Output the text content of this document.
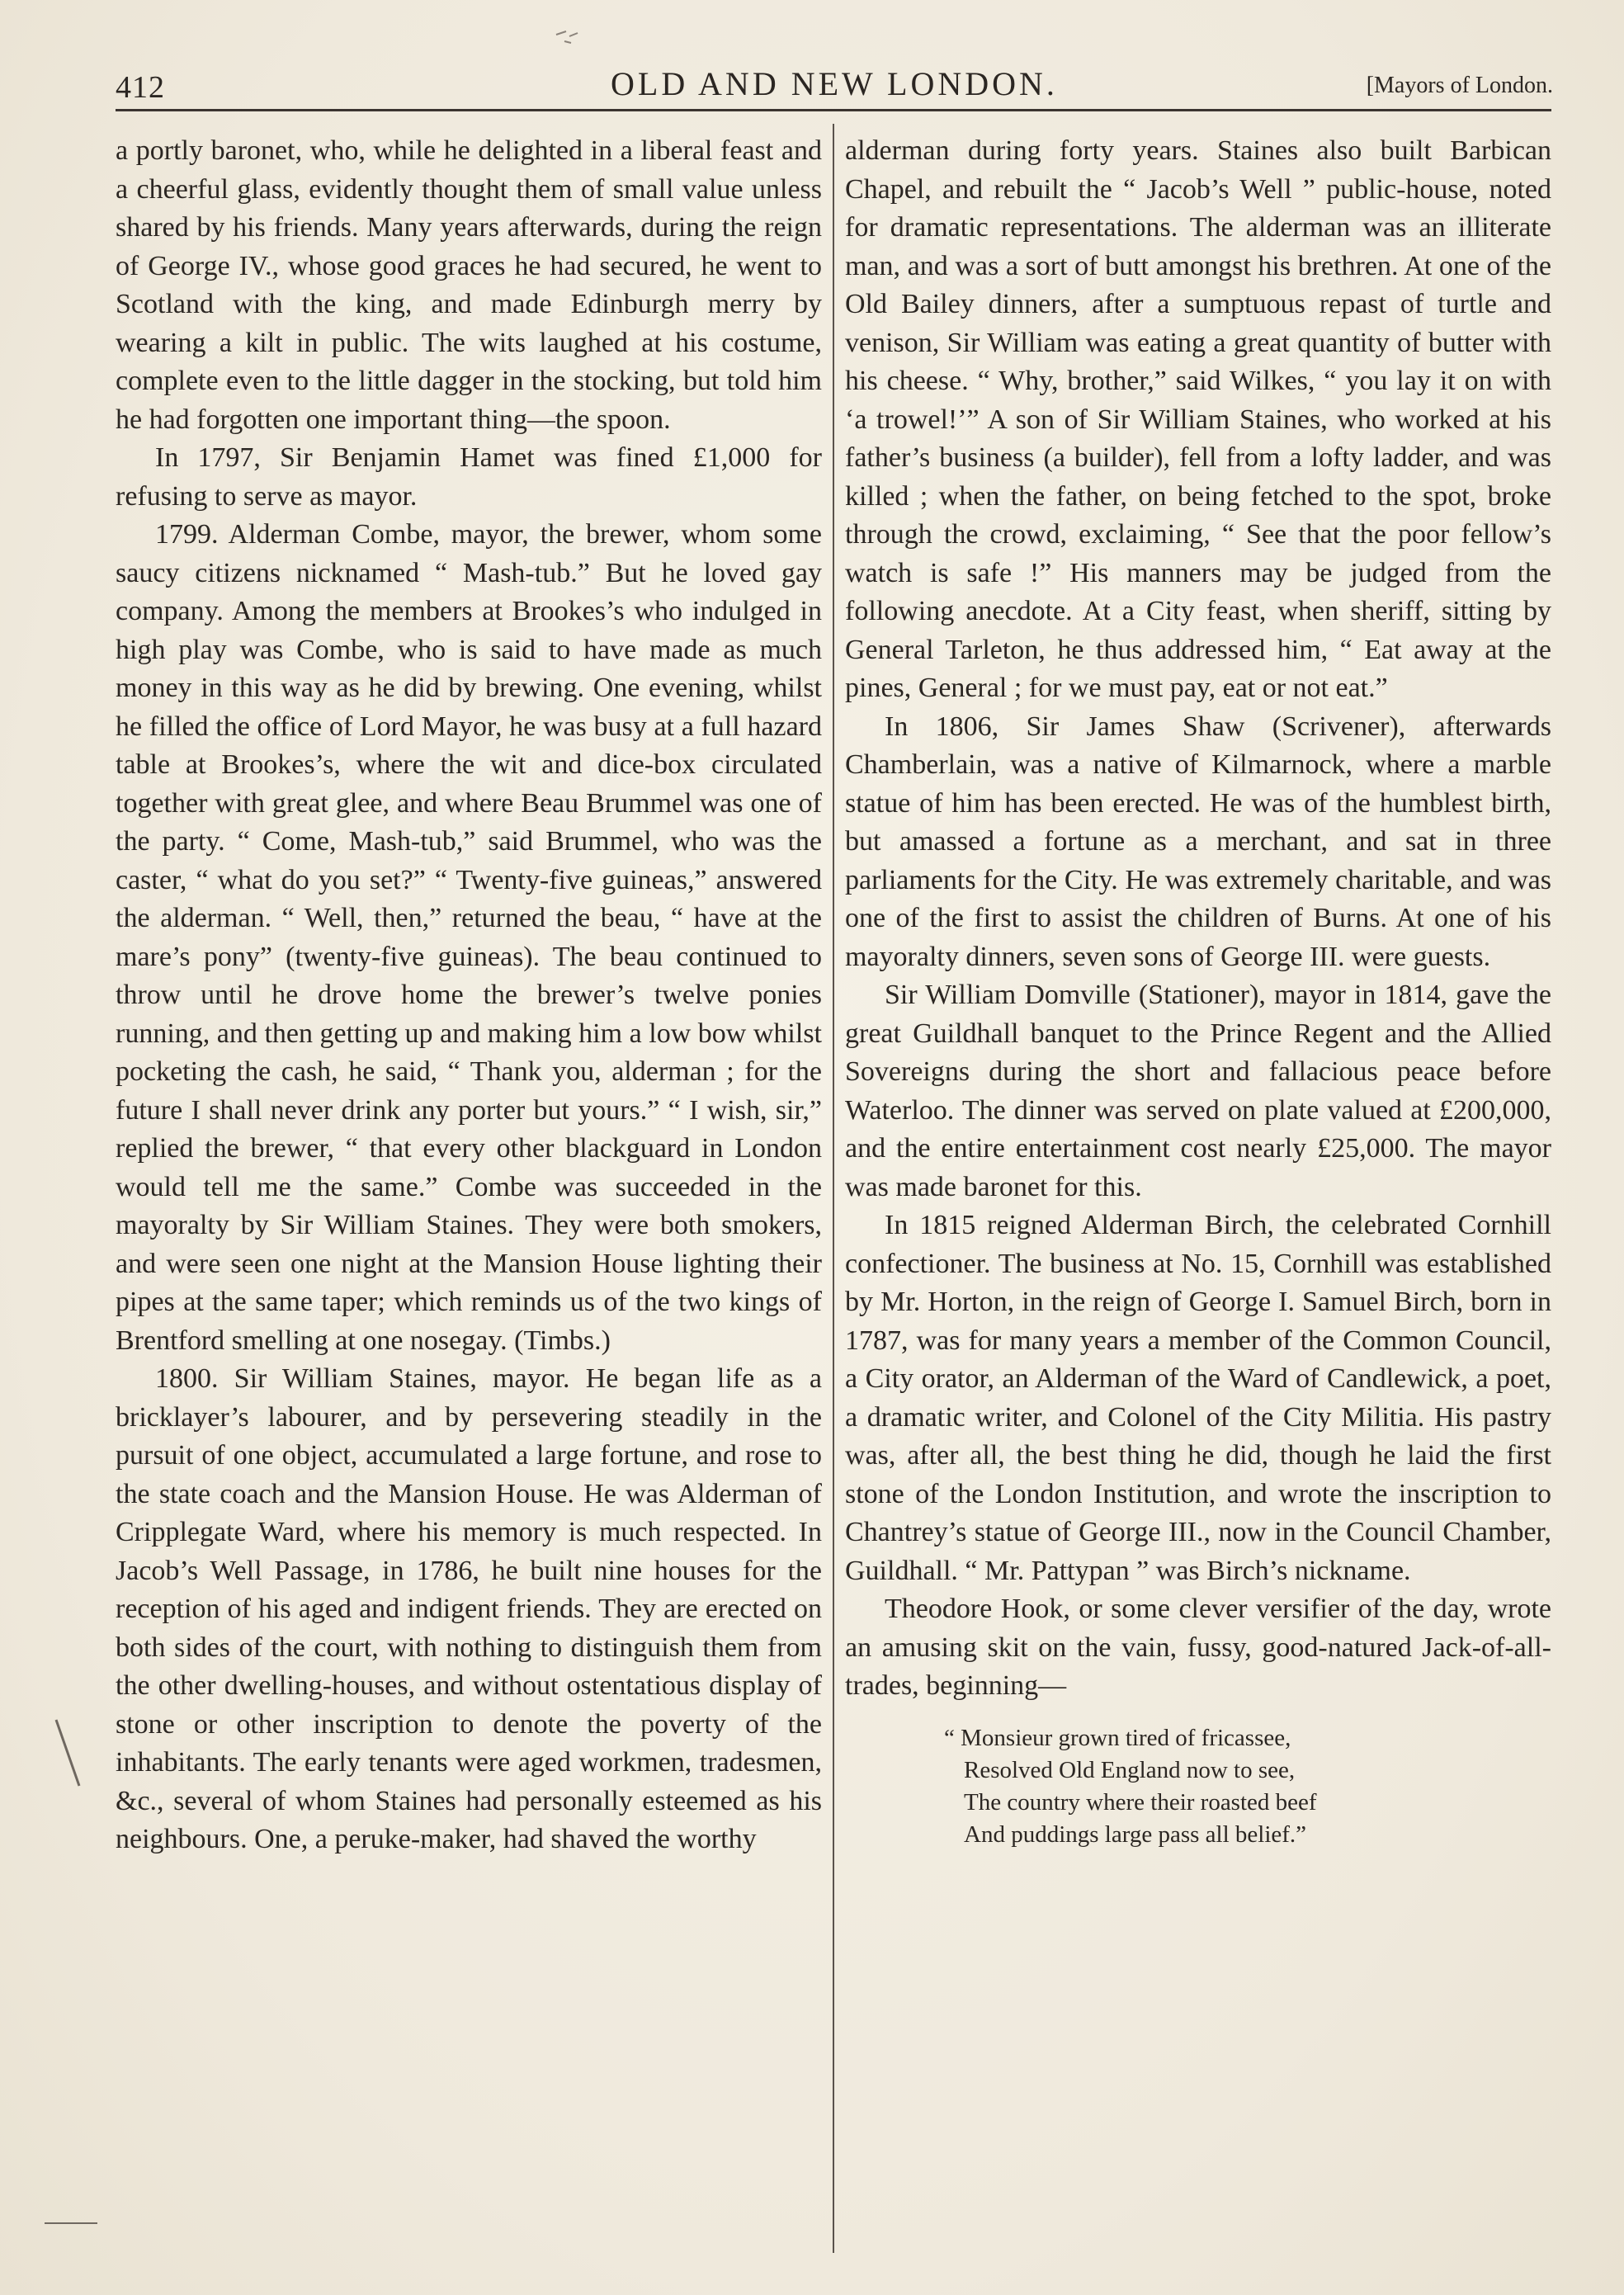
412	OLD AND NEW LONDON.	[Mayors of London.

a portly baronet, who, while he delighted in a liberal feast and a cheerful glass, evidently thought them of small value unless shared by his friends. Many years afterwards, during the reign of George IV., whose good graces he had secured, he went to Scotland with the king, and made Edinburgh merry by wearing a kilt in public. The wits laughed at his costume, complete even to the little dagger in the stocking, but told him he had forgotten one important thing—the spoon.

In 1797, Sir Benjamin Hamet was fined £1,000 for refusing to serve as mayor.

1799. Alderman Combe, mayor, the brewer, whom some saucy citizens nicknamed “ Mash-tub.” But he loved gay company. Among the members at Brookes’s who indulged in high play was Combe, who is said to have made as much money in this way as he did by brewing. One evening, whilst he filled the office of Lord Mayor, he was busy at a full hazard table at Brookes’s, where the wit and dice-box circulated together with great glee, and where Beau Brummel was one of the party. “ Come, Mash-tub,” said Brummel, who was the caster, “ what do you set?” “ Twenty-five guineas,” answered the alderman. “ Well, then,” returned the beau, “ have at the mare’s pony” (twenty-five guineas). The beau continued to throw until he drove home the brewer’s twelve ponies running, and then getting up and making him a low bow whilst pocketing the cash, he said, “ Thank you, alderman ; for the future I shall never drink any porter but yours.” “ I wish, sir,” replied the brewer, “ that every other blackguard in London would tell me the same.” Combe was succeeded in the mayoralty by Sir William Staines. They were both smokers, and were seen one night at the Mansion House lighting their pipes at the same taper; which reminds us of the two kings of Brentford smelling at one nosegay. (Timbs.)

1800. Sir William Staines, mayor. He began life as a bricklayer’s labourer, and by persevering steadily in the pursuit of one object, accumulated a large fortune, and rose to the state coach and the Mansion House. He was Alderman of Cripplegate Ward, where his memory is much respected. In Jacob’s Well Passage, in 1786, he built nine houses for the reception of his aged and indigent friends. They are erected on both sides of the court, with nothing to distinguish them from the other dwelling-houses, and without ostentatious display of stone or other inscription to denote the poverty of the inhabitants. The early tenants were aged workmen, tradesmen, &c., several of whom Staines had personally esteemed as his neighbours. One, a peruke-maker, had shaved the worthy

alderman during forty years. Staines also built Barbican Chapel, and rebuilt the “ Jacob’s Well ” public-house, noted for dramatic representations. The alderman was an illiterate man, and was a sort of butt amongst his brethren. At one of the Old Bailey dinners, after a sumptuous repast of turtle and venison, Sir William was eating a great quantity of butter with his cheese. “ Why, brother,” said Wilkes, “ you lay it on with ‘a trowel!’” A son of Sir William Staines, who worked at his father’s business (a builder), fell from a lofty ladder, and was killed ; when the father, on being fetched to the spot, broke through the crowd, exclaiming, “ See that the poor fellow’s watch is safe !” His manners may be judged from the following anecdote. At a City feast, when sheriff, sitting by General Tarleton, he thus addressed him, “ Eat away at the pines, General ; for we must pay, eat or not eat.”

In 1806, Sir James Shaw (Scrivener), afterwards Chamberlain, was a native of Kilmarnock, where a marble statue of him has been erected. He was of the humblest birth, but amassed a fortune as a merchant, and sat in three parliaments for the City. He was extremely charitable, and was one of the first to assist the children of Burns. At one of his mayoralty dinners, seven sons of George III. were guests.

Sir William Domville (Stationer), mayor in 1814, gave the great Guildhall banquet to the Prince Regent and the Allied Sovereigns during the short and fallacious peace before Waterloo. The dinner was served on plate valued at £200,000, and the entire entertainment cost nearly £25,000. The mayor was made baronet for this.

In 1815 reigned Alderman Birch, the celebrated Cornhill confectioner. The business at No. 15, Cornhill was established by Mr. Horton, in the reign of George I. Samuel Birch, born in 1787, was for many years a member of the Common Council, a City orator, an Alderman of the Ward of Candlewick, a poet, a dramatic writer, and Colonel of the City Militia. His pastry was, after all, the best thing he did, though he laid the first stone of the London Institution, and wrote the inscription to Chantrey’s statue of George III., now in the Council Chamber, Guildhall. “ Mr. Pattypan ” was Birch’s nickname.

Theodore Hook, or some clever versifier of the day, wrote an amusing skit on the vain, fussy, good-natured Jack-of-all-trades, beginning—

“ Monsieur grown tired of fricassee,
Resolved Old England now to see,
The country where their roasted beef
And puddings large pass all belief.”
